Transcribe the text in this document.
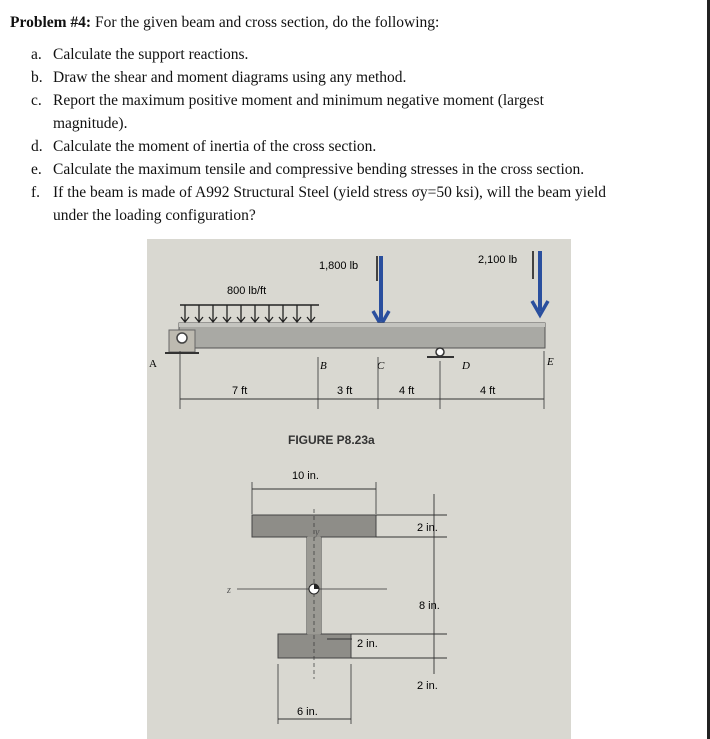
Problem #4: For the given beam and cross section, do the following:
a. Calculate the support reactions.
b. Draw the shear and moment diagrams using any method.
c. Report the maximum positive moment and minimum negative moment (largest
magnitude).
d. Calculate the moment of inertia of the cross section.
e. Calculate the maximum tensile and compressive bending stresses in the cross section.
f. If the beam is made of A992 Structural Steel (yield stress σy=50 ksi), will the beam yield
under the loading configuration?
800 lb/ft
1,800 lb	2,100 lb
A	B	C	D	E
7 ft	3 ft	4 ft	4 ft
FIGURE P8.23a
10 in.
y
z
2 in.
8 in.
2 in.
2 in.
6 in.
